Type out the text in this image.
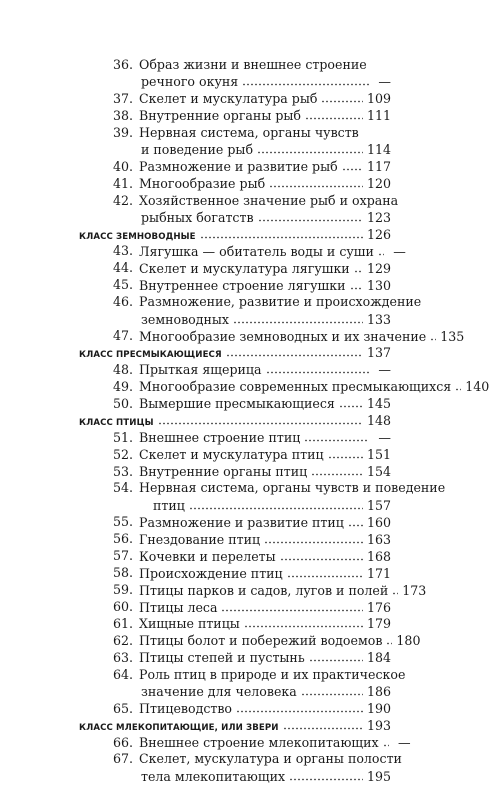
36. Образ жизни и внешнее строение
речного окуня	—
37. Скелет и мускулатура рыб	109
38. Внутренние органы рыб	111
39. Нервная система, органы чувств
и поведение рыб	114
40. Размножение и развитие рыб 117
41. Многообразие рыб	120
42. Хозяйственное значение рыб и охрана
рыбных богатств	123
КЛАСС ЗЕМНОВОДНЫЕ	126
43. Лягушка — обитатель воды и суши	—
44. Скелет и мускулатура лягушки 129
45. Внутреннее строение лягушки 130
46. Размножение, развитие и происхождение
земноводных	133
47. Многообразие земноводных и их значение 135
КЛАСС ПРЕСМЫКАЮЩИЕСЯ	137
48. Прыткая ящерица	—
49. Многообразие современных пресмыкающихся 140
50. Вымершие пресмыкающиеся	145
КЛАСС ПТИЦЫ	148
51. Внешнее строение птиц	—
52. Скелет и мускулатура птиц	151
53. Внутренние органы птиц	154
54. Нервная система, органы чувств и поведение
птиц	157
55. Размножение и развитие птиц 160
56. Гнездование птиц	163
57. Кочевки и перелеты	168
58. Происхождение птиц	171
59. Птицы парков и садов, лугов и полей 173
60. Птицы леса	176
61. Хищные птицы	179
62. Птицы болот и побережий водоемов 180
63. Птицы степей и пустынь	184
64. Роль птиц в природе и их практическое
значение для человека	186
65. Птицеводство	190
КЛАСС МЛЕКОПИТАЮЩИЕ, ИЛИ ЗВЕРИ	193
66. Внешнее строение млекопитающих	—
67. Скелет, мускулатура и органы полости
тела млекопитающих	195
